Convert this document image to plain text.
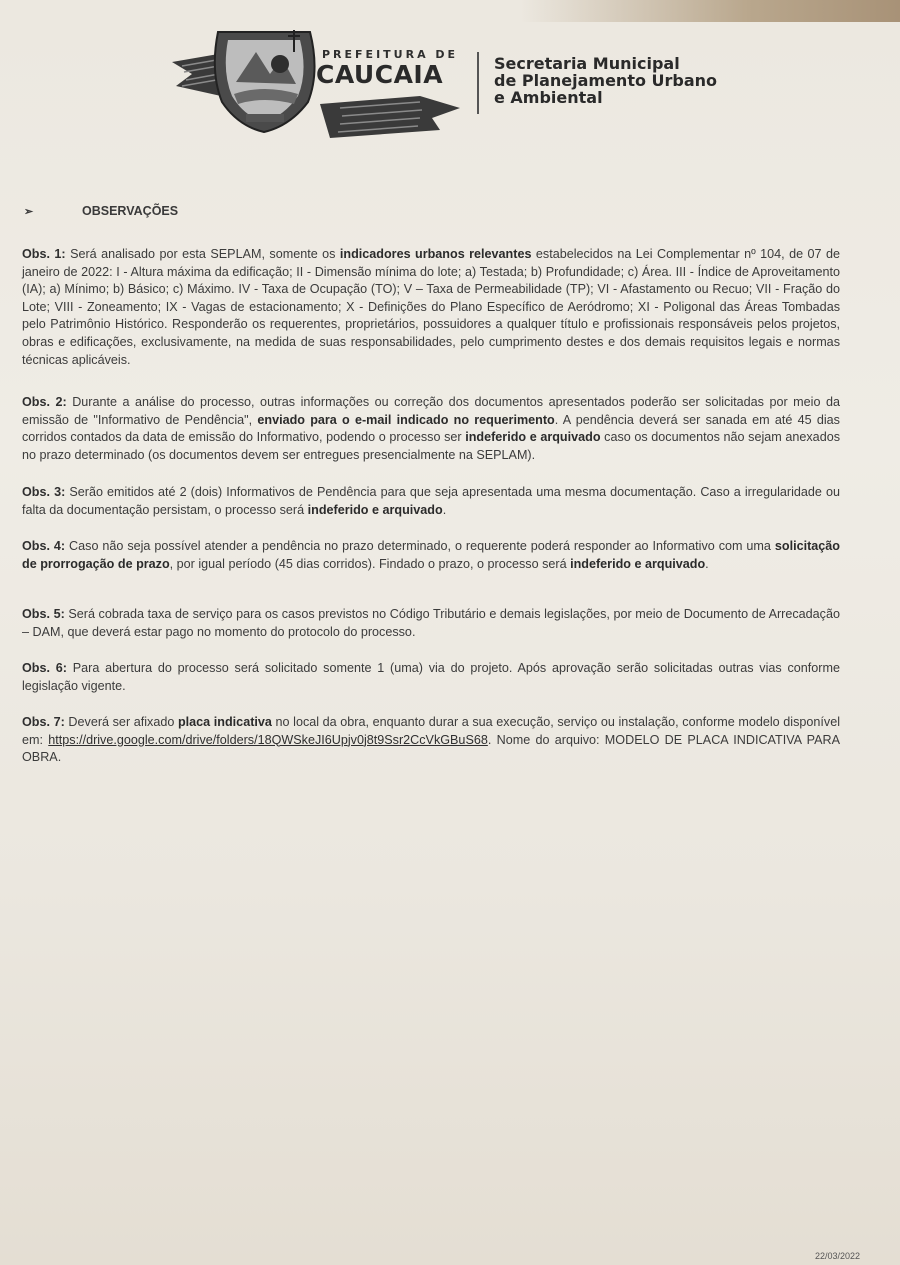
PREFEITURA DE
CAUCAIA	Secretaria Municipal
de Planejamento Urbano
e Ambiental
➢	OBSERVAÇÕES
Obs. 1: Será analisado por esta SEPLAM, somente os indicadores urbanos relevantes estabelecidos na Lei Complementar nº 104, de 07 de janeiro de 2022: I - Altura máxima da edificação; II - Dimensão mínima do lote; a) Testada; b) Profundidade; c) Área. III - Índice de Aproveitamento (IA); a) Mínimo; b) Básico; c) Máximo. IV - Taxa de Ocupação (TO); V – Taxa de Permeabilidade (TP); VI - Afastamento ou Recuo; VII - Fração do Lote; VIII - Zoneamento; IX - Vagas de estacionamento; X - Definições do Plano Específico de Aeródromo; XI - Poligonal das Áreas Tombadas pelo Patrimônio Histórico. Responderão os requerentes, proprietários, possuidores a qualquer título e profissionais responsáveis pelos projetos, obras e edificações, exclusivamente, na medida de suas responsabilidades, pelo cumprimento destes e dos demais requisitos legais e normas técnicas aplicáveis.
Obs. 2: Durante a análise do processo, outras informações ou correção dos documentos apresentados poderão ser solicitadas por meio da emissão de "Informativo de Pendência", enviado para o e-mail indicado no requerimento. A pendência deverá ser sanada em até 45 dias corridos contados da data de emissão do Informativo, podendo o processo ser indeferido e arquivado caso os documentos não sejam anexados no prazo determinado (os documentos devem ser entregues presencialmente na SEPLAM).
Obs. 3: Serão emitidos até 2 (dois) Informativos de Pendência para que seja apresentada uma mesma documentação. Caso a irregularidade ou falta da documentação persistam, o processo será indeferido e arquivado.
Obs. 4: Caso não seja possível atender a pendência no prazo determinado, o requerente poderá responder ao Informativo com uma solicitação de prorrogação de prazo, por igual período (45 dias corridos). Findado o prazo, o processo será indeferido e arquivado.
Obs. 5: Será cobrada taxa de serviço para os casos previstos no Código Tributário e demais legislações, por meio de Documento de Arrecadação – DAM, que deverá estar pago no momento do protocolo do processo.
Obs. 6: Para abertura do processo será solicitado somente 1 (uma) via do projeto. Após aprovação serão solicitadas outras vias conforme legislação vigente.
Obs. 7: Deverá ser afixado placa indicativa no local da obra, enquanto durar a sua execução, serviço ou instalação, conforme modelo disponível em: https://drive.google.com/drive/folders/18QWSkeJI6Upjv0j8t9Ssr2CcVkGBuS68. Nome do arquivo: MODELO DE PLACA INDICATIVA PARA OBRA.
22/03/2022
